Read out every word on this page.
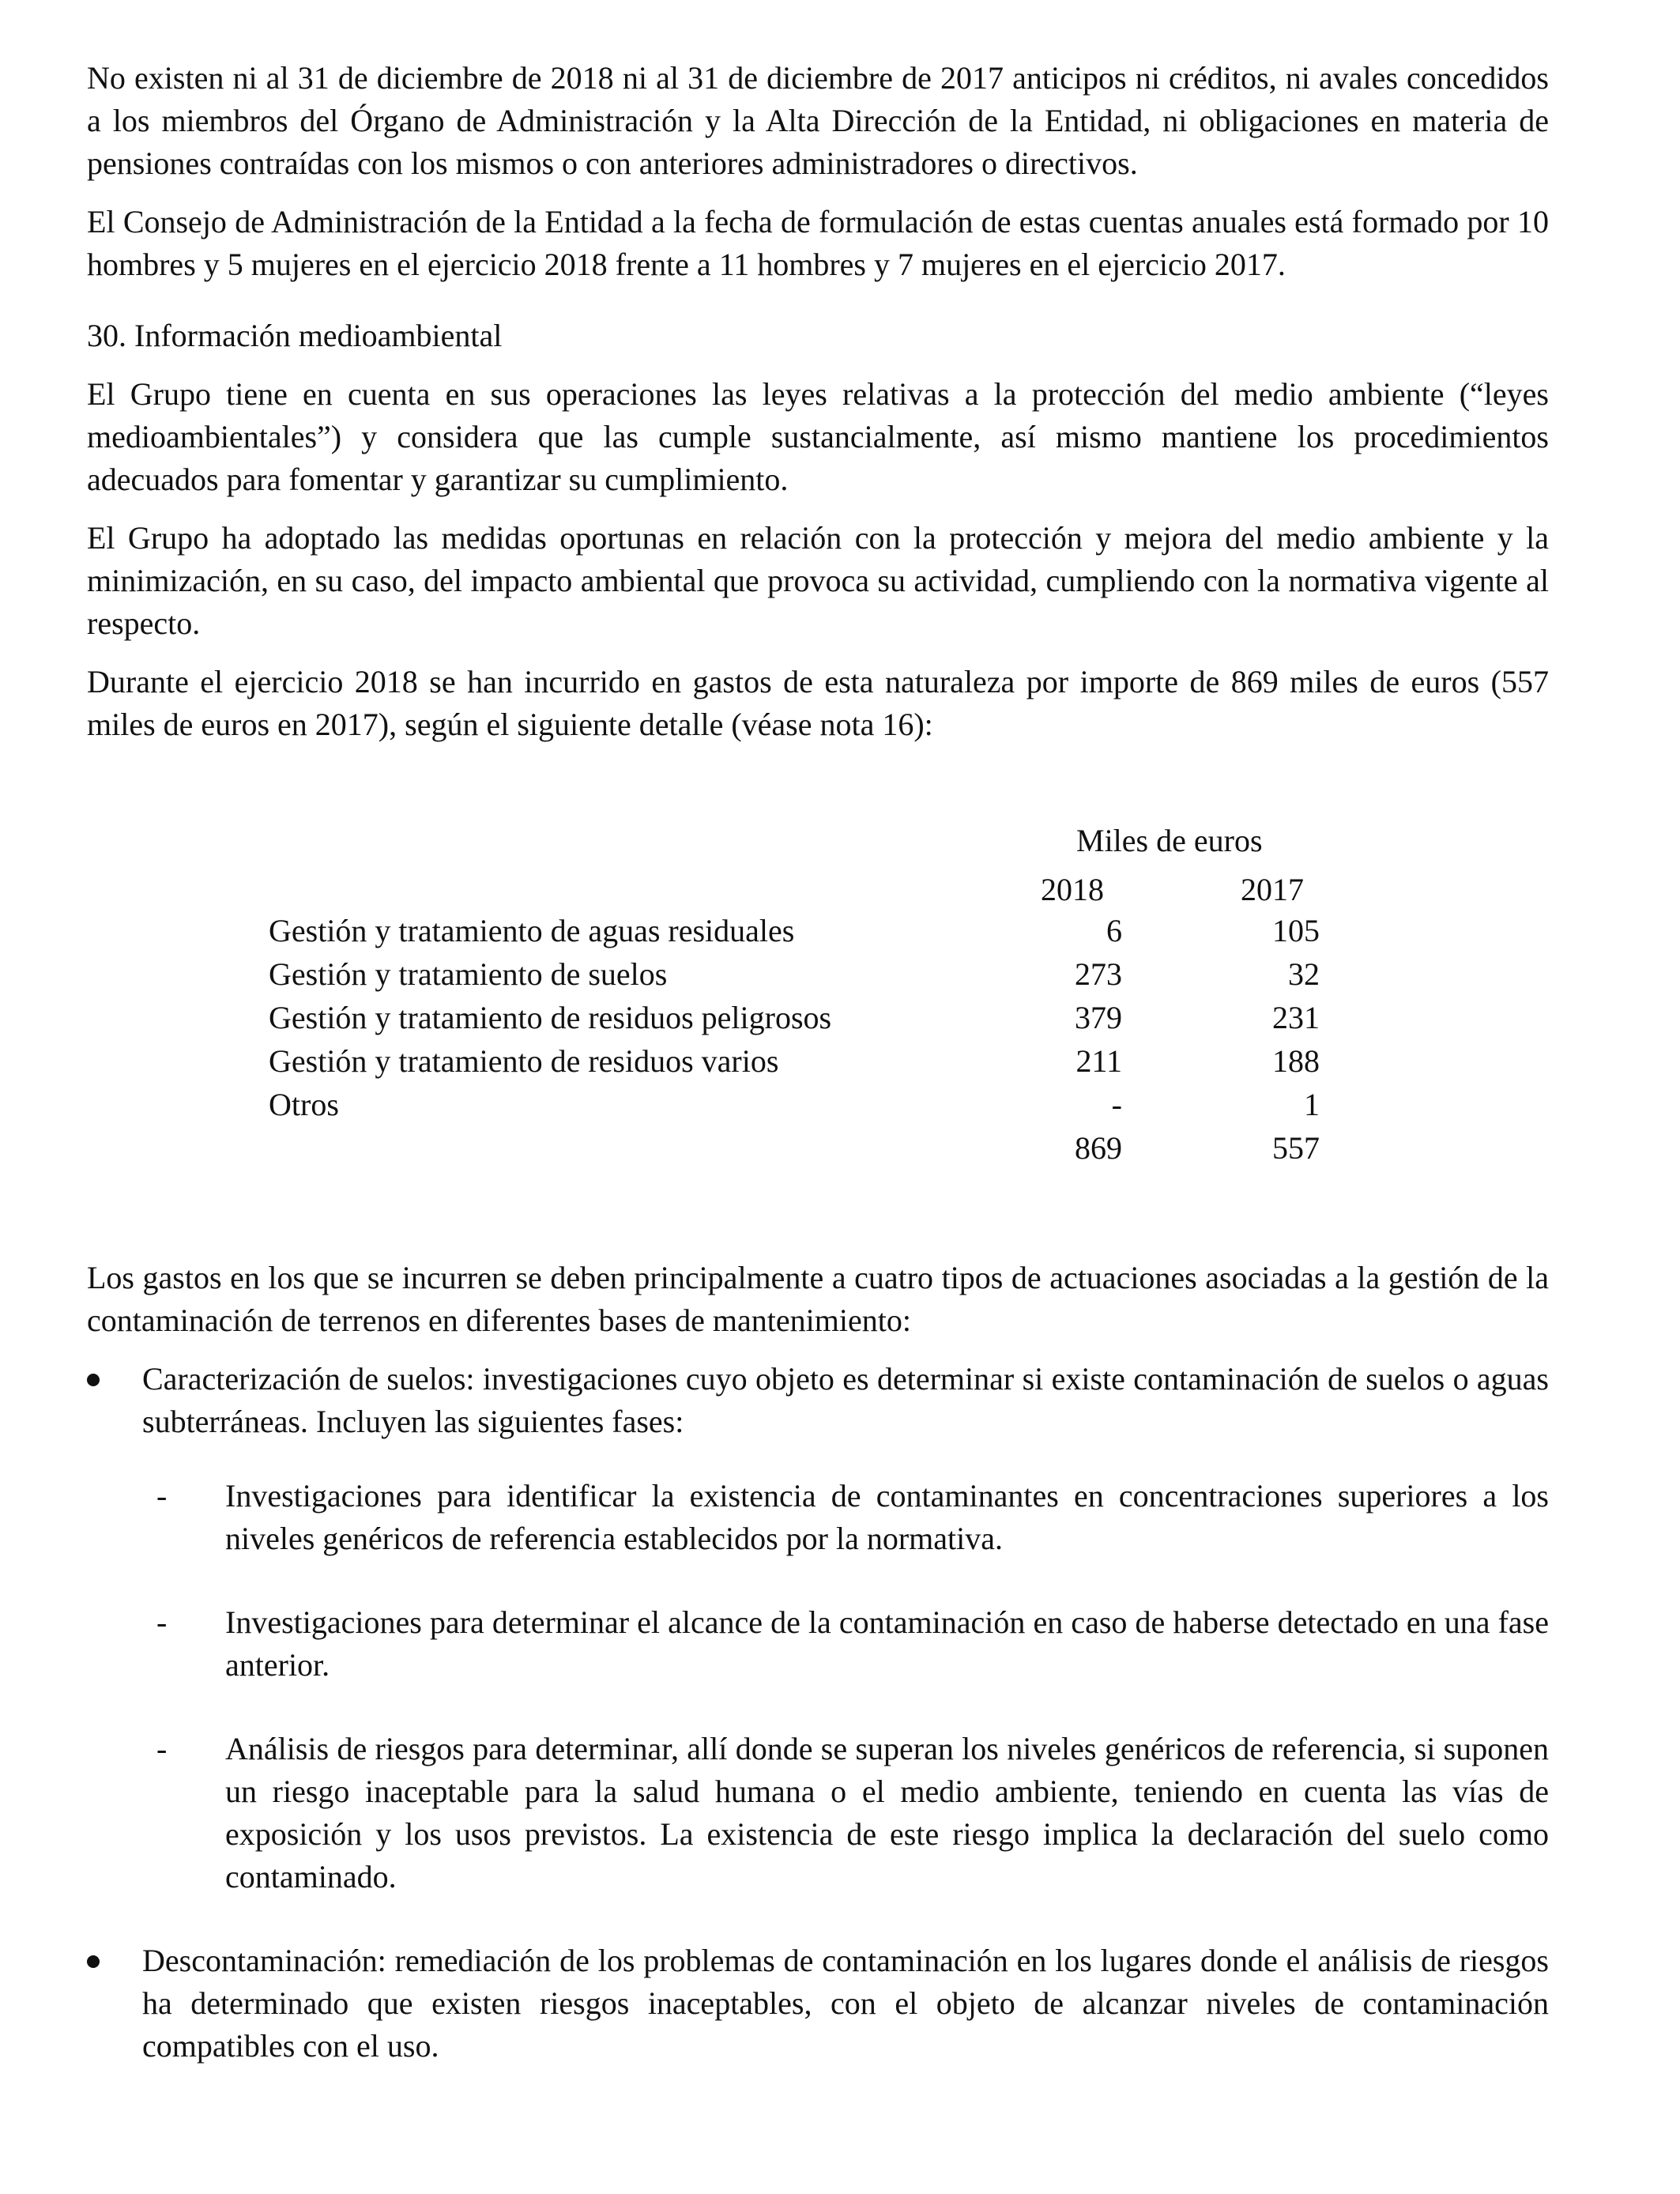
No existen ni al 31 de diciembre de 2018 ni al 31 de diciembre de 2017 anticipos ni créditos, ni avales concedidos a los miembros del Órgano de Administración y la Alta Dirección de la Entidad, ni obligaciones en materia de pensiones contraídas con los mismos o con anteriores administradores o directivos.

El Consejo de Administración de la Entidad a la fecha de formulación de estas cuentas anuales está formado por 10 hombres y 5 mujeres en el ejercicio 2018 frente a 11 hombres y 7 mujeres en el ejercicio 2017.

30. Información medioambiental

El Grupo tiene en cuenta en sus operaciones las leyes relativas a la protección del medio ambiente (“leyes medioambientales”) y considera que las cumple sustancialmente, así mismo mantiene los procedimientos adecuados para fomentar y garantizar su cumplimiento.

El Grupo ha adoptado las medidas oportunas en relación con la protección y mejora del medio ambiente y la minimización, en su caso, del impacto ambiental que provoca su actividad, cumpliendo con la normativa vigente al respecto.

Durante el ejercicio 2018 se han incurrido en gastos de esta naturaleza por importe de 869 miles de euros (557 miles de euros en 2017), según el siguiente detalle (véase nota 16):

Miles de euros
2018	2017
Gestión y tratamiento de aguas residuales	6	105
Gestión y tratamiento de suelos	273	32
Gestión y tratamiento de residuos peligrosos	379	231
Gestión y tratamiento de residuos varios	211	188
Otros	-	1
869	557

Los gastos en los que se incurren se deben principalmente a cuatro tipos de actuaciones asociadas a la gestión de la contaminación de terrenos en diferentes bases de mantenimiento:

Caracterización de suelos: investigaciones cuyo objeto es determinar si existe contaminación de suelos o aguas subterráneas. Incluyen las siguientes fases:

- Investigaciones para identificar la existencia de contaminantes en concentraciones superiores a los niveles genéricos de referencia establecidos por la normativa.

- Investigaciones para determinar el alcance de la contaminación en caso de haberse detectado en una fase anterior.

- Análisis de riesgos para determinar, allí donde se superan los niveles genéricos de referencia, si suponen un riesgo inaceptable para la salud humana o el medio ambiente, teniendo en cuenta las vías de exposición y los usos previstos. La existencia de este riesgo implica la declaración del suelo como contaminado.

Descontaminación: remediación de los problemas de contaminación en los lugares donde el análisis de riesgos ha determinado que existen riesgos inaceptables, con el objeto de alcanzar niveles de contaminación compatibles con el uso.
